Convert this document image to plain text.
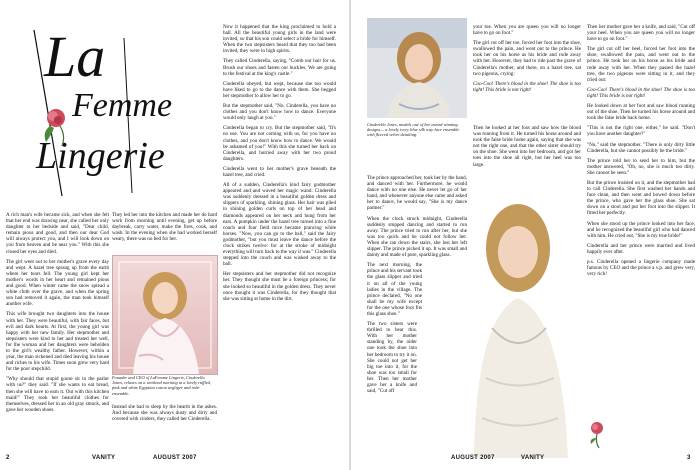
La
Femme
Lingerie

A rich man's wife became sick, and when she felt that her end was drawing near, she called her only daughter to her bedside and said, "Dear child, remain pious and good, and then our dear God will always protect you, and I will look down on you from heaven and be near you." With this she closed her eyes and died.

The girl went out to her mother's grave every day and wept. A hazel tree sprang up from the earth where her tears fell. The young girl kept her mother's words in her heart and remained pious and good. When winter came the snow spread a white cloth over the grave, and when the spring sun had removed it again, the man took himself another wife.

This wife brought two daughters into the house with her. They were beautiful, with fair faces, but evil and dark hearts. At first, the young girl was happy with her new family. Her stepmother and stepsisters were kind to her and treated her well, for the woman and her daughters were beholden to the girl's wealthy father. However, within a year, the man sickened and died leaving his house and riches to his wife. Times soon grew very hard for the poor stepchild.

"Why should that stupid goose sit in the parlor with us?" they said. "If she wants to eat bread, then she will have to earn it. Out with this kitchen maid!" They took her beautiful clothes for themselves, dressed her in an old gray smock, and gave her wooden shoes.

They led her into the kitchen and made her do hard work from morning until evening, get up before daybreak, carry water, make the fires, cook, and wash. In the evening when she had worked herself weary, there was no bed for her.

Founder and CEO of LaFemme Lingerie, Cinderella Jones, relaxes on a weekend morning in a lovely ruffled, pink and white Egyptian cotton negligee and robe ensemble.

Instead she had to sleep by the hearth in the ashes. And because she was always dusty and dirty and covered with cinders, they called her Cinderella.

Now it happened that the king proclaimed to hold a ball. All the beautiful young girls in the land were invited, so that his son could select a bride for himself. When the two stepsisters heard that they too had been invited, they were in high spirits.

They called Cinderella, saying, "Comb our hair for us. Brush our shoes and fasten our buckles. We are going to the festival at the king's castle."

Cinderella obeyed, but wept, because she too would have liked to go to the dance with them. She begged her stepmother to allow her to go.

But the stepmother said, "No, Cinderella, you have no clothes and you don't know how to dance. Everyone would only laugh at you."

Cinderella began to cry. But the stepmother said, "It's no use. You are not coming with us, for you have no clothes, and you don't know how to dance. We would be ashamed of you!" With this she turned her back on Cinderella, and hurried away with her two proud daughters.

Cinderella went to her mother's grave beneath the hazel tree, and cried.

All of a sudden, Cinderella's kind fairy godmother appeared and and waved her magic wand. Cinderella was suddenly dressed in a beautiful golden dress and slippers of sparkling, shining glass. Her hair was piled in shining golden curls on top of her head and diamonds appeared on her neck and hung from her ears. A pumpkin under the hazel tree turned into a fine coach and four field mice became prancing white horses. "Now, you can go to the ball," said the fairy godmother, "but you must leave the dance before the clock strikes twelve: for at the stroke of midnight everything will turn back to the way it was." Cinderella stepped into the couch and was wisked away to the ball.

Her stepsisters and her stepmother did not recognize her. They thought she must be a foreign princess; for she looked so beautiful in the golden dress. They never once thought it was Cinderella, for they thought that she was sitting at home in the dirt.

2	VANITY	AUGUST 2007
Cinderella Jones, models one of her award winning designs— a lovely ivory blue silk way-lace ensemble with fleeced velvet detailing.

The prince approached her, took her by the hand, and danced with her. Furthermore, he would dance with no one else. He never let go of her hand, and whenever anyone else came and asked her to dance, he would say, "She is my dance partner."

When the clock struck midnight, Cinderella suddenly stopped dancing and started to run away. The prince tried to run after her, but she was too quick and he could not follow her. When she ran down the stairs, she lost her left slipper. The prince picked it up. It was small and dainty and made of pure, sparkling glass.

The next morning, the prince and his servant took the glass slipper and tried it on all of the young ladies in the village. The prince declared, "No one shall be my wife except for the one whose foot fits this glass shoe."

The two sisters were thrilled to hear this. With her mother standing by, the older one took the shoe into her bedroom to try it on. She could not get her big toe into it, for the shoe was too small for her. Then her mother gave her a knife and said, "Cut off

your toe. When you are queen you will no longer have to go on foot."

The girl cut off her toe, forced her foot into the shoe, swallowed the pain, and went out to the prince. He took her on his horse as his bride and rode away with her. However, they had to ride past the grave of Cinderella's mother, and there, on a hazel tree, sat two pigeons, crying:

Coo-Coo! There's blood in the shoe! The shoe is too tight! This bride is not right!

Then he looked at her foot and saw how the blood was running from it. He turned his horse around and took the false bride home again, saying that she was not the right one, and that the other sister should try on the shoe. She went into her bedroom, and got her toes into the shoe all right, but her heel was too large.

Then her mother gave her a knife, and said, "Cut off your heel. When you are queen you will no longer have to go on foot."

The girl cut off her heel, forced her foot into the shoe, swallowed the pain, and went out to the prince. He took her on his horse as his bride and rode away with her. When they passed the hazel tree, the two pigeons were sitting in it, and they cried out:

Coo-Coo! There's blood in the shoe! The shoe is too tight! This bride is not right!

He looked down at her foot and saw blood running out of the shoe. Then he turned his horse around and took the false bride back home.

"This is not the right one, either," he said. "Don't you have another daughter?"

"No," said the stepmother. "There is only dirty little Cinderella, but she cannot possibly be the bride."

The prince told her to send her to him, but the mother answered, "Oh, no, she is much too dirty. She cannot be seen."

But the prince insisted on it, and the stepmother had to call Cinderella. She first washed her hands and face clean, and then went and bowed down before the prince, who gave her the glass shoe. She sat down on a stool and put her foot into the slipper. It fitted her perfectly.

When she stood up the prince looked into her face, and he recognized the beautiful girl who had danced with him. He cried out, "She is my true bride!"

Cinderella and her prince were married and lived happily ever after.

p.s. Cinderella opened a lingerie company made famous by CEO and the prince a v.p. and grew very, very rich!

VANITY
AUGUST 2007	3
